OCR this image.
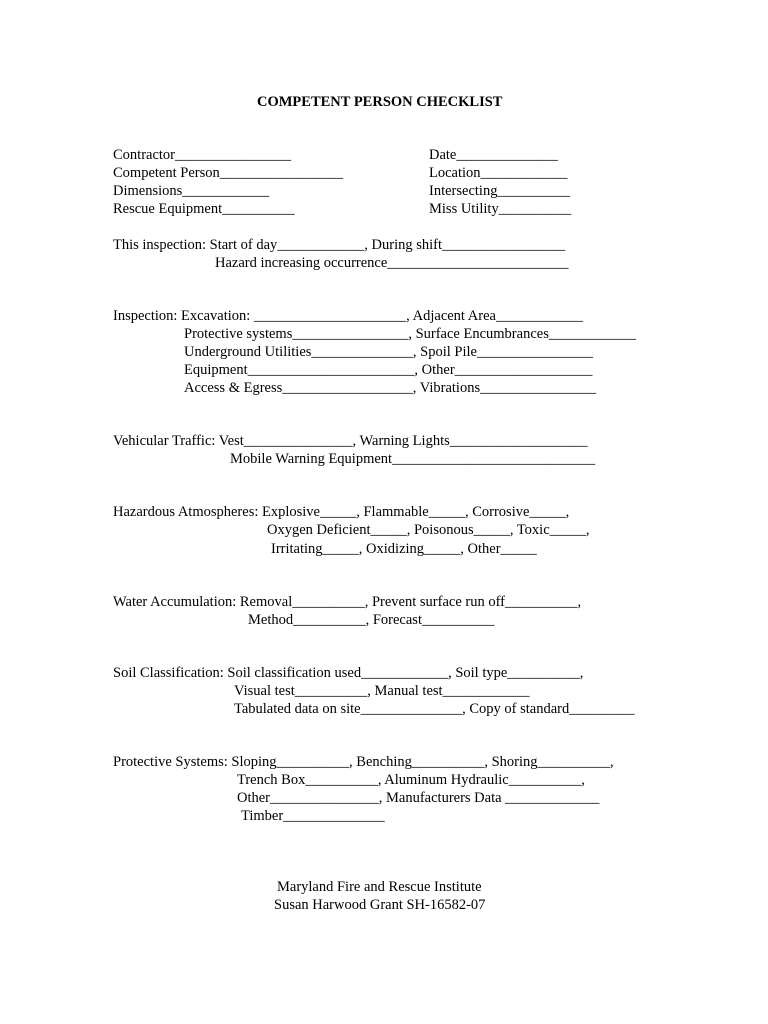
COMPETENT PERSON CHECKLIST
Contractor________________
Competent Person_________________
Dimensions____________
Rescue Equipment__________
Date______________
Location____________
Intersecting__________
Miss Utility__________
This inspection: Start of day____________, During shift_________________
Hazard increasing occurrence_________________________
Inspection: Excavation: _____________________, Adjacent Area____________
Protective systems________________, Surface Encumbrances____________
Underground Utilities______________, Spoil Pile________________
Equipment_______________________, Other___________________
Access & Egress__________________, Vibrations________________
Vehicular Traffic: Vest_______________, Warning Lights___________________
Mobile Warning Equipment____________________________
Hazardous Atmospheres: Explosive_____, Flammable_____, Corrosive_____,
Oxygen Deficient_____, Poisonous_____, Toxic_____,
Irritating_____, Oxidizing_____, Other_____
Water Accumulation: Removal__________, Prevent surface run off__________,
Method__________, Forecast__________
Soil Classification: Soil classification used____________, Soil type__________,
Visual test__________, Manual test____________
Tabulated data on site______________, Copy of standard_________
Protective Systems: Sloping__________, Benching__________, Shoring__________,
Trench Box__________, Aluminum Hydraulic__________,
Other_______________, Manufacturers Data _____________
Timber______________
Maryland Fire and Rescue Institute
Susan Harwood Grant SH-16582-07
